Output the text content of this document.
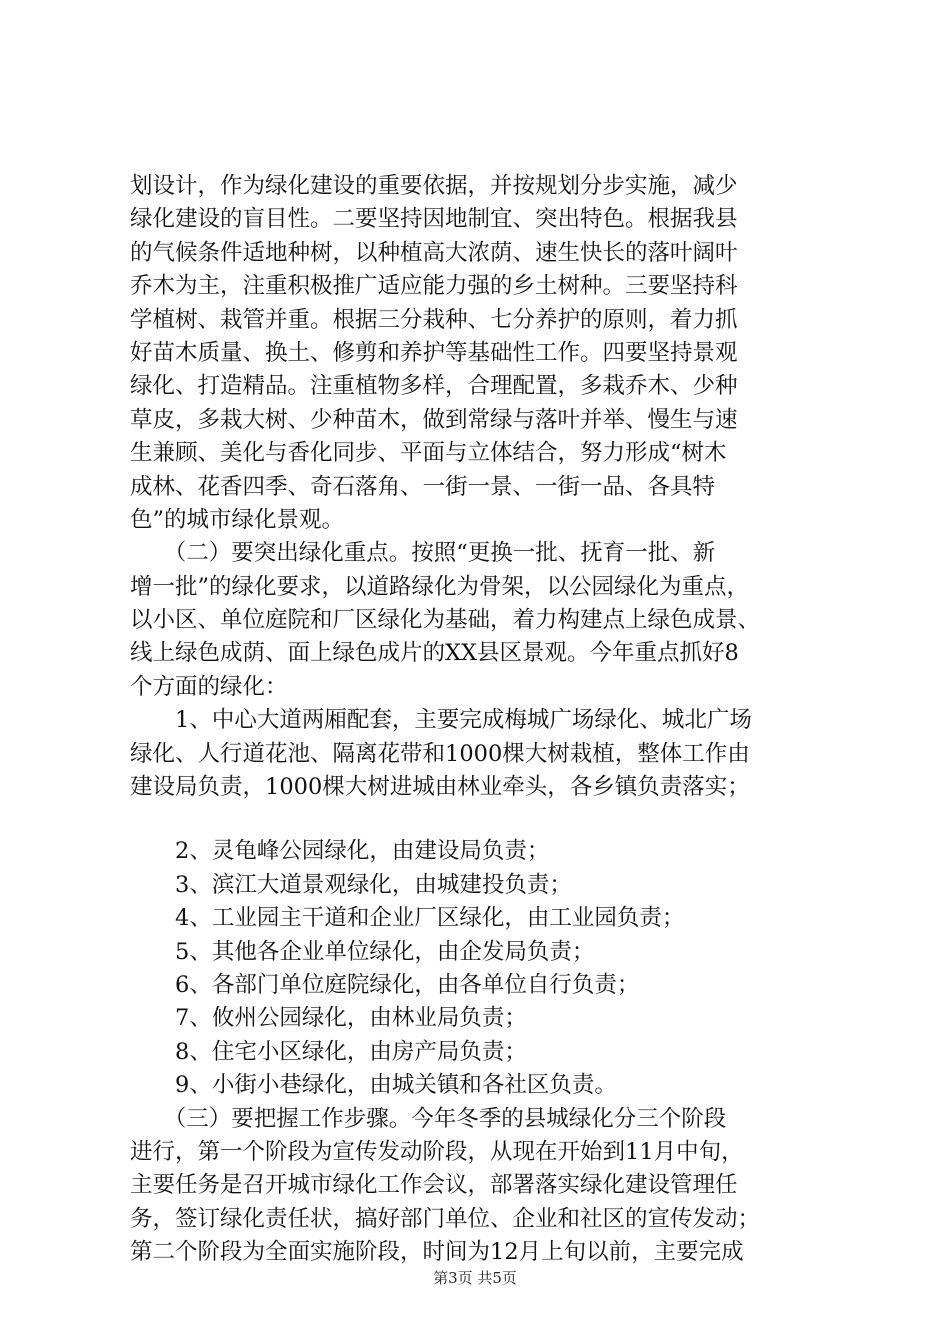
划设计，作为绿化建设的重要依据，并按规划分步实施，减少
绿化建设的盲目性。二要坚持因地制宜、突出特色。根据我县
的气候条件适地种树，以种植高大浓荫、速生快长的落叶阔叶
乔木为主，注重积极推广适应能力强的乡土树种。三要坚持科
学植树、栽管并重。根据三分栽种、七分养护的原则，着力抓
好苗木质量、换土、修剪和养护等基础性工作。四要坚持景观
绿化、打造精品。注重植物多样，合理配置，多栽乔木、少种
草皮，多栽大树、少种苗木，做到常绿与落叶并举、慢生与速
生兼顾、美化与香化同步、平面与立体结合，努力形成“树木
成林、花香四季、奇石落角、一街一景、一街一品、各具特
色”的城市绿化景观。
　　（二）要突出绿化重点。按照“更换一批、抚育一批、新
增一批”的绿化要求，以道路绿化为骨架，以公园绿化为重点，
以小区、单位庭院和厂区绿化为基础，着力构建点上绿色成景、
线上绿色成荫、面上绿色成片的XX县区景观。今年重点抓好8
个方面的绿化：
　　1、中心大道两厢配套，主要完成梅城广场绿化、城北广场
绿化、人行道花池、隔离花带和1000棵大树栽植，整体工作由
建设局负责，1000棵大树进城由林业牵头，各乡镇负责落实；
　　2、灵龟峰公园绿化，由建设局负责；
　　3、滨江大道景观绿化，由城建投负责；
　　4、工业园主干道和企业厂区绿化，由工业园负责；
　　5、其他各企业单位绿化，由企发局负责；
　　6、各部门单位庭院绿化，由各单位自行负责；
　　7、攸州公园绿化，由林业局负责；
　　8、住宅小区绿化，由房产局负责；
　　9、小街小巷绿化，由城关镇和各社区负责。
　　（三）要把握工作步骤。今年冬季的县城绿化分三个阶段
进行，第一个阶段为宣传发动阶段，从现在开始到11月中旬，
主要任务是召开城市绿化工作会议，部署落实绿化建设管理任
务，签订绿化责任状，搞好部门单位、企业和社区的宣传发动；
第二个阶段为全面实施阶段，时间为12月上旬以前，主要完成
第3页 共5页
